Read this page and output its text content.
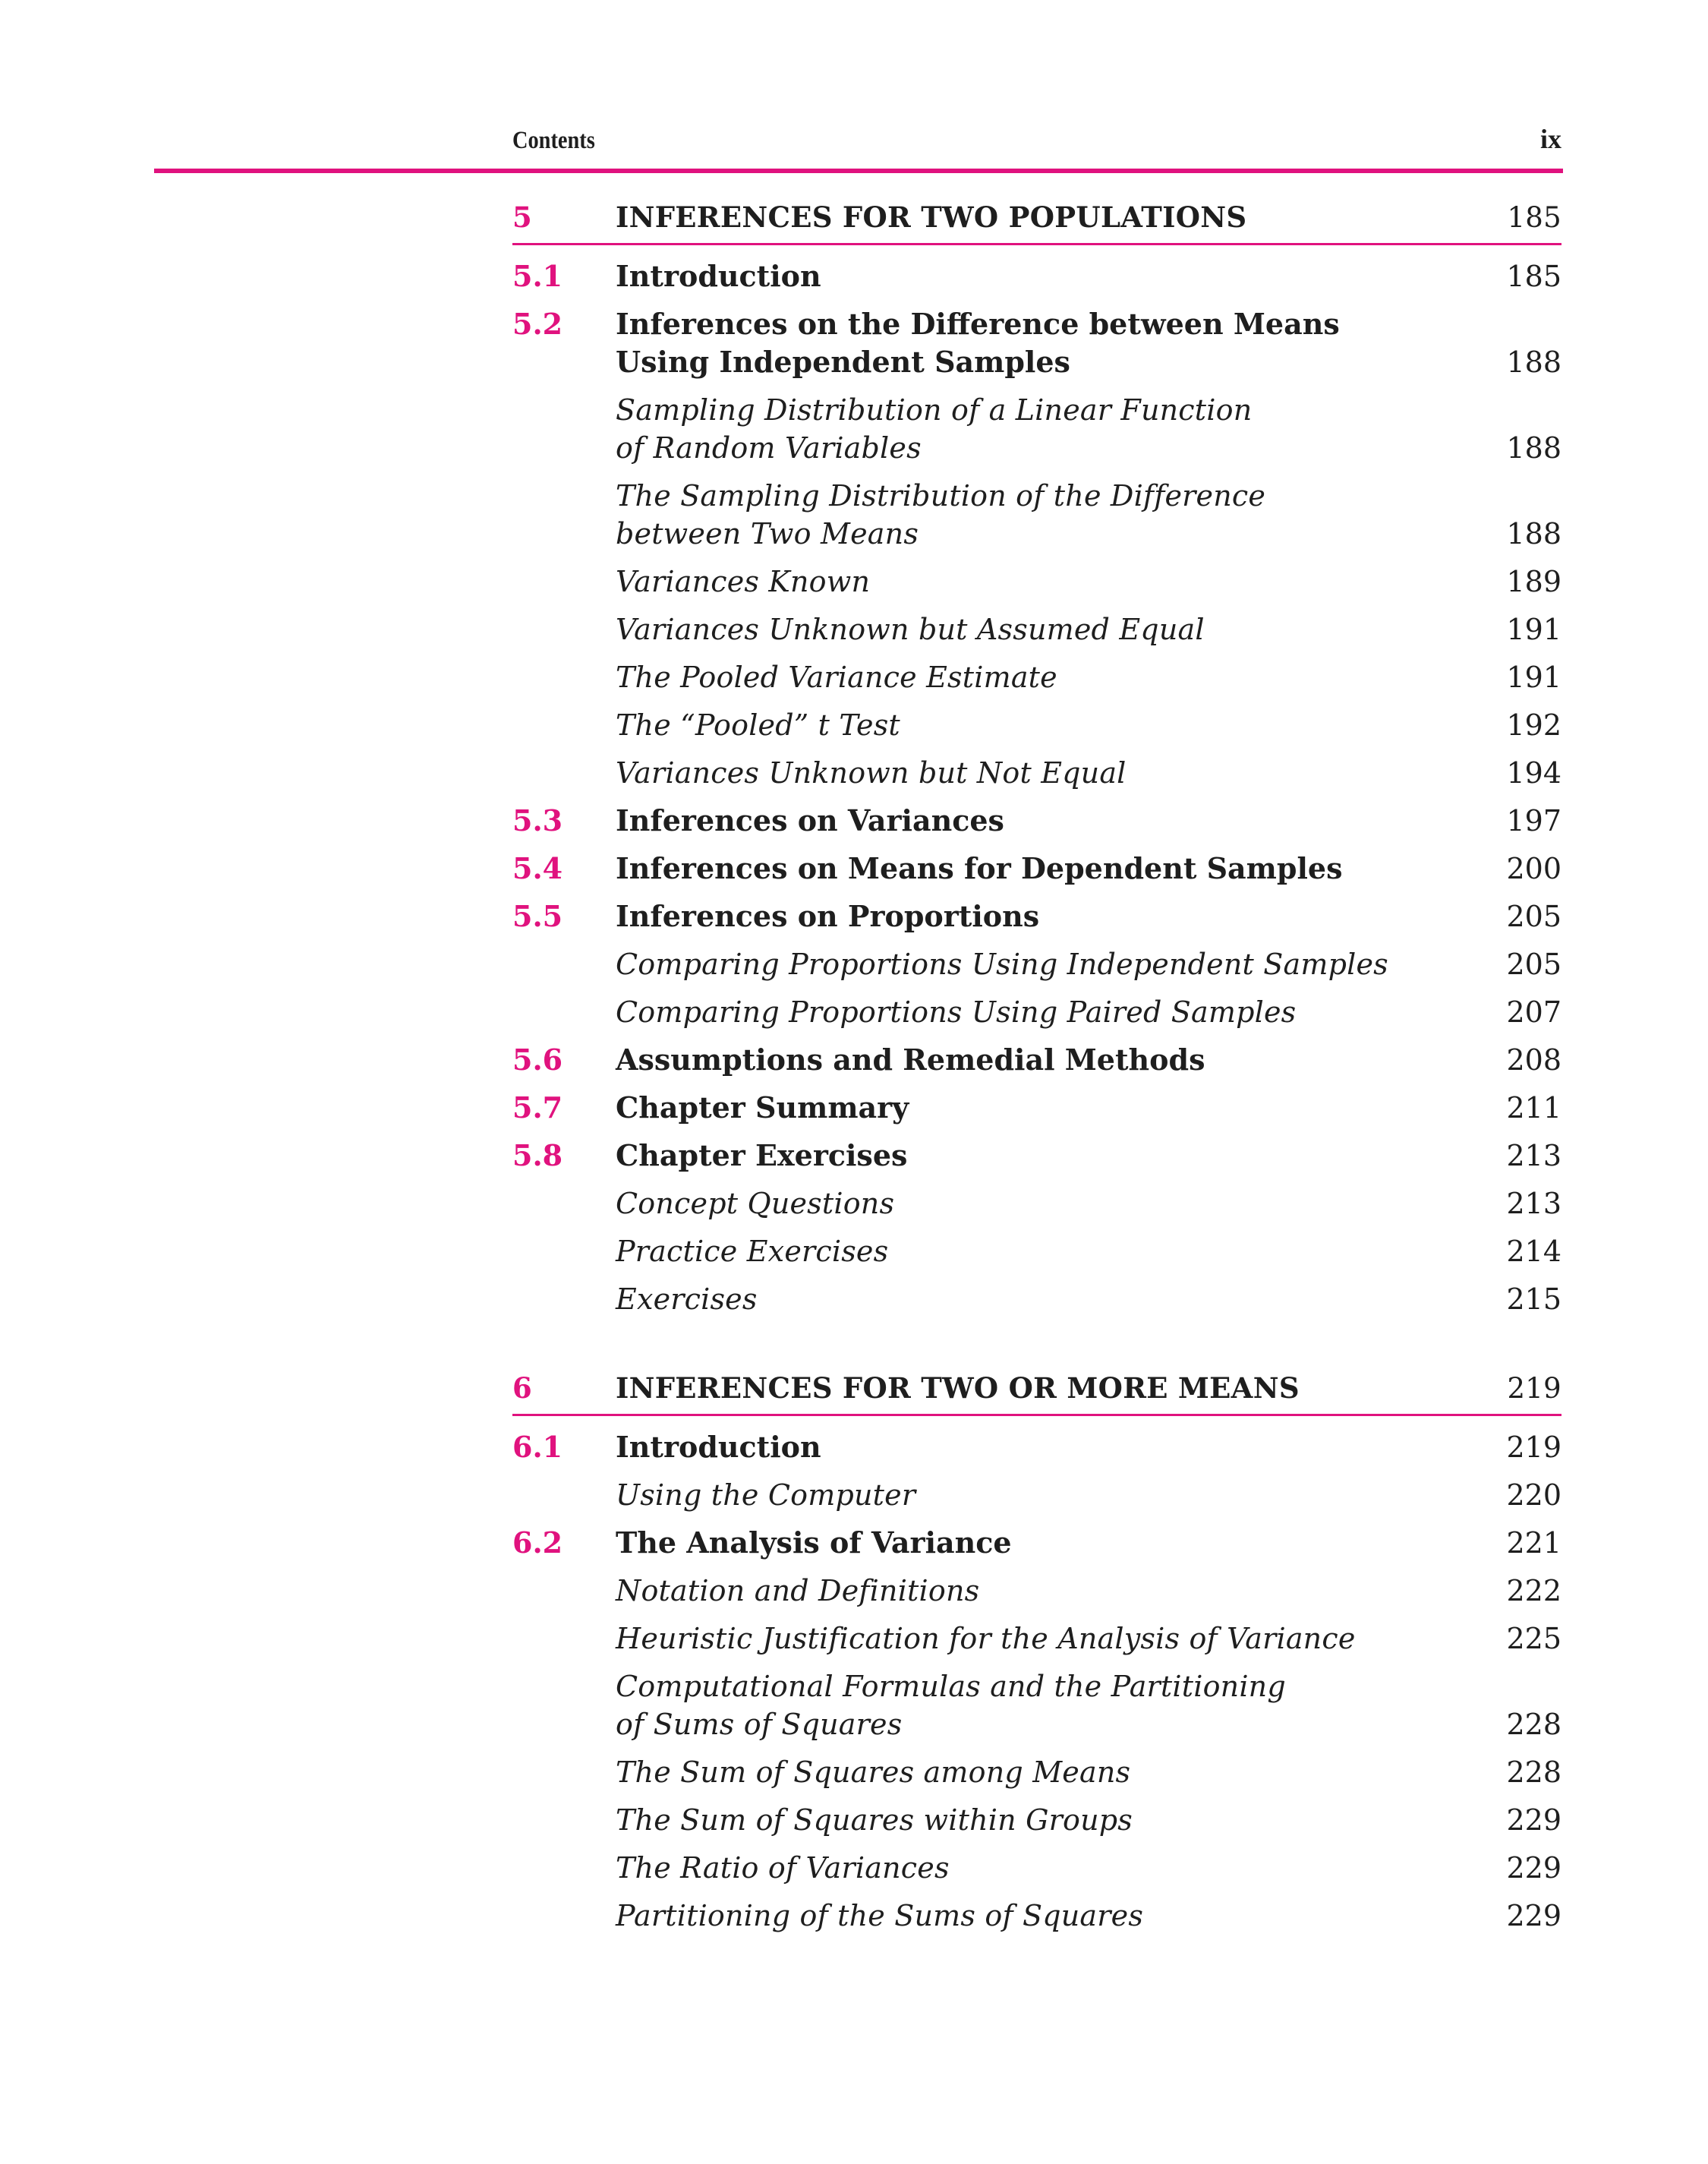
Contents	ix
5	INFERENCES FOR TWO POPULATIONS	185
5.1	Introduction	185
5.2	Inferences on the Difference between Means
Using Independent Samples	188
Sampling Distribution of a Linear Function
of Random Variables	188
The Sampling Distribution of the Difference
between Two Means	188
Variances Known	189
Variances Unknown but Assumed Equal	191
The Pooled Variance Estimate	191
The “Pooled” t Test	192
Variances Unknown but Not Equal	194
5.3	Inferences on Variances	197
5.4	Inferences on Means for Dependent Samples	200
5.5	Inferences on Proportions	205
Comparing Proportions Using Independent Samples	205
Comparing Proportions Using Paired Samples	207
5.6	Assumptions and Remedial Methods	208
5.7	Chapter Summary	211
5.8	Chapter Exercises	213
Concept Questions	213
Practice Exercises	214
Exercises	215
6	INFERENCES FOR TWO OR MORE MEANS	219
6.1	Introduction	219
Using the Computer	220
6.2	The Analysis of Variance	221
Notation and Definitions	222
Heuristic Justification for the Analysis of Variance	225
Computational Formulas and the Partitioning
of Sums of Squares	228
The Sum of Squares among Means	228
The Sum of Squares within Groups	229
The Ratio of Variances	229
Partitioning of the Sums of Squares	229
